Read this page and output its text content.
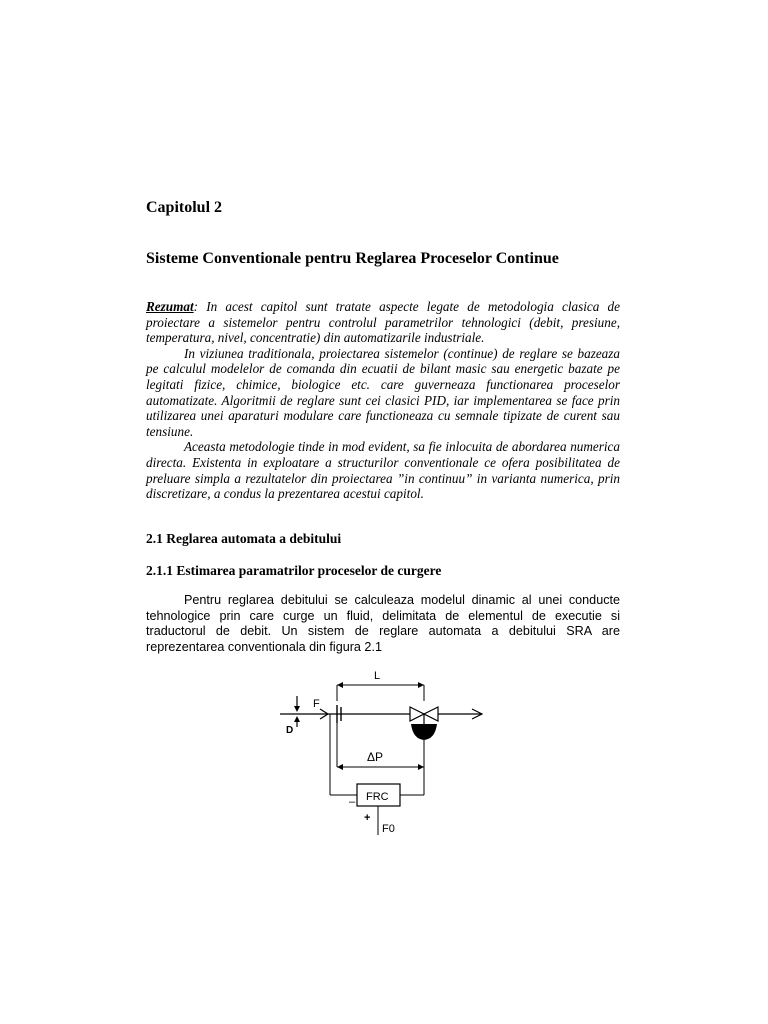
Capitolul 2
Sisteme Conventionale pentru Reglarea Proceselor Continue

Rezumat: In acest capitol sunt tratate aspecte legate de metodologia clasica de proiectare a sistemelor pentru controlul parametrilor tehnologici (debit, presiune, temperatura, nivel, concentratie) din automatizarile industriale.

In viziunea traditionala, proiectarea sistemelor (continue) de reglare se bazeaza pe calculul modelelor de comanda din ecuatii de bilant masic sau energetic bazate pe legitati fizice, chimice, biologice etc. care guverneaza functionarea proceselor automatizate. Algoritmii de reglare sunt cei clasici PID, iar implementarea se face prin utilizarea unei aparaturi modulare care functioneaza cu semnale tipizate de curent sau tensiune.

Aceasta metodologie tinde in mod evident, sa fie inlocuita de abordarea numerica directa. Existenta in exploatare a structurilor conventionale ce ofera posibilitatea de preluare simpla a rezultatelor din proiectarea ”in continuu” in varianta numerica, prin discretizare, a condus la prezentarea acestui capitol.

2.1 Reglarea automata a debitului
2.1.1 Estimarea paramatrilor proceselor de curgere

Pentru reglarea debitului se calculeaza modelul dinamic al unei conducte tehnologice prin care curge un fluid, delimitata de elementul de executie si traductorul de debit. Un sistem de reglare automata a debitului SRA are reprezentarea conventionala din figura 2.1

F
D
L
–
ΔP
FRC
+
F0
